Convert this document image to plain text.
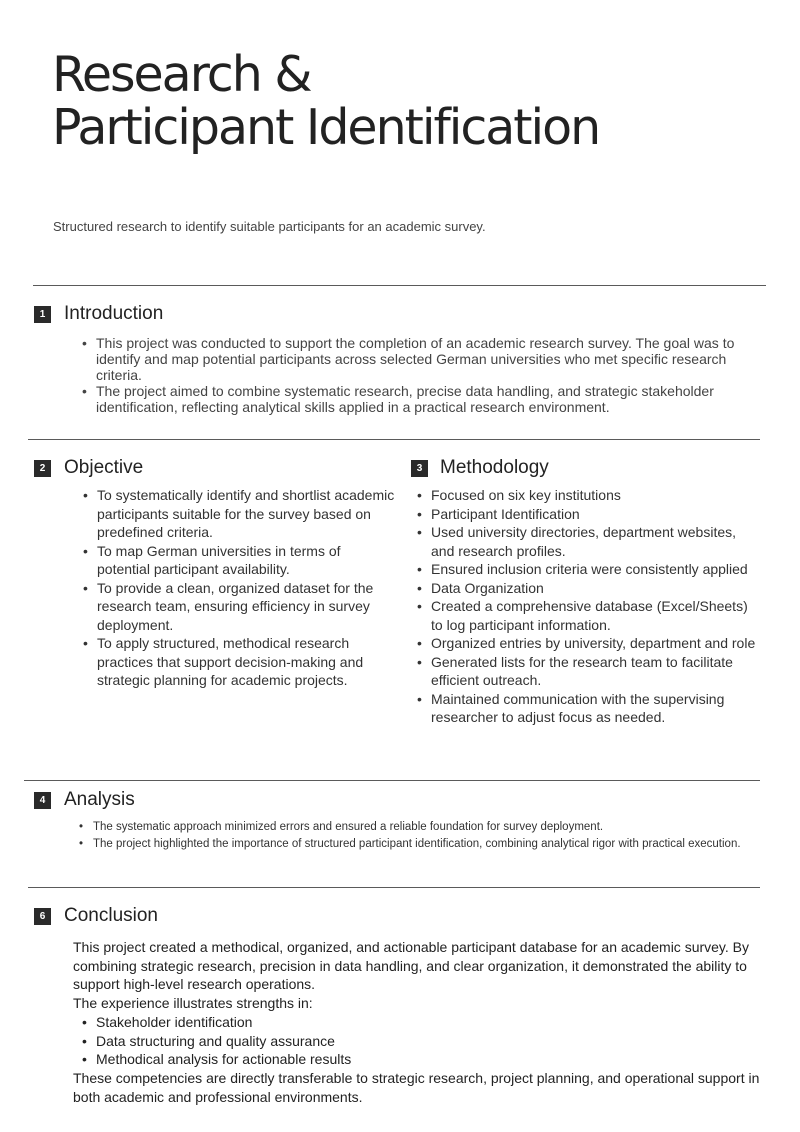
Research &
Participant Identification
Structured research to identify suitable participants for an academic survey.
1 Introduction
• This project was conducted to support the completion of an academic research survey. The goal was to identify and map potential participants across selected German universities who met specific research criteria.
• The project aimed to combine systematic research, precise data handling, and strategic stakeholder identification, reflecting analytical skills applied in a practical research environment.
2 Objective
• To systematically identify and shortlist academic participants suitable for the survey based on predefined criteria.
• To map German universities in terms of potential participant availability.
• To provide a clean, organized dataset for the research team, ensuring efficiency in survey deployment.
• To apply structured, methodical research practices that support decision-making and strategic planning for academic projects.
3 Methodology
• Focused on six key institutions
• Participant Identification
• Used university directories, department websites, and research profiles.
• Ensured inclusion criteria were consistently applied
• Data Organization
• Created a comprehensive database (Excel/Sheets) to log participant information.
• Organized entries by university, department and role
• Generated lists for the research team to facilitate efficient outreach.
• Maintained communication with the supervising researcher to adjust focus as needed.
4 Analysis
• The systematic approach minimized errors and ensured a reliable foundation for survey deployment.
• The project highlighted the importance of structured participant identification, combining analytical rigor with practical execution.
6 Conclusion

This project created a methodical, organized, and actionable participant database for an academic survey. By combining strategic research, precision in data handling, and clear organization, it demonstrated the ability to support high-level research operations.

The experience illustrates strengths in:

• Stakeholder identification
• Data structuring and quality assurance
• Methodical analysis for actionable results

These competencies are directly transferable to strategic research, project planning, and operational support in both academic and professional environments.
